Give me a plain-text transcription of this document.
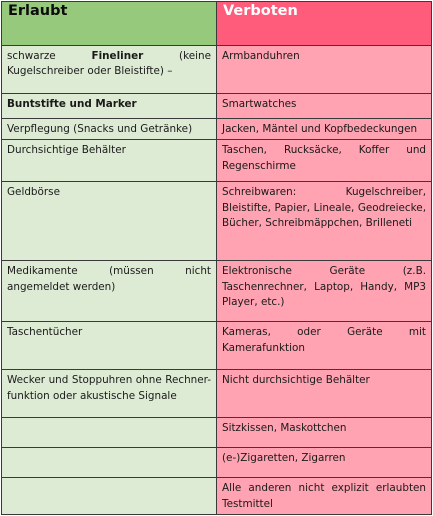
Erlaubt	Verboten
schwarze Fineliner (keine Kugelschreiber oder Bleistifte) –	Armbanduhren
Buntstifte und Marker	Smartwatches
Verpflegung (Snacks und Getränke)	Jacken, Mäntel und Kopfbedeckungen
Durchsichtige Behälter	Taschen, Rucksäcke, Koffer und Regenschirme
Geldbörse	Schreibwaren: Kugelschreiber, Bleistifte, Papier, Lineale, Geodreiecke, Bücher, Schreibmäppchen, Brilleneti
Medikamente (müssen nicht angemeldet werden)	Elektronische Geräte (z.B. Taschenrechner, Laptop, Handy, MP3 Player, etc.)
Taschentücher	Kameras, oder Geräte mit Kamerafunktion
Wecker und Stoppuhren ohne Rechner-funktion oder akustische Signale	Nicht durchsichtige Behälter
	Sitzkissen, Maskottchen
	(e-)Zigaretten, Zigarren
	Alle anderen nicht explizit erlaubten Testmittel
